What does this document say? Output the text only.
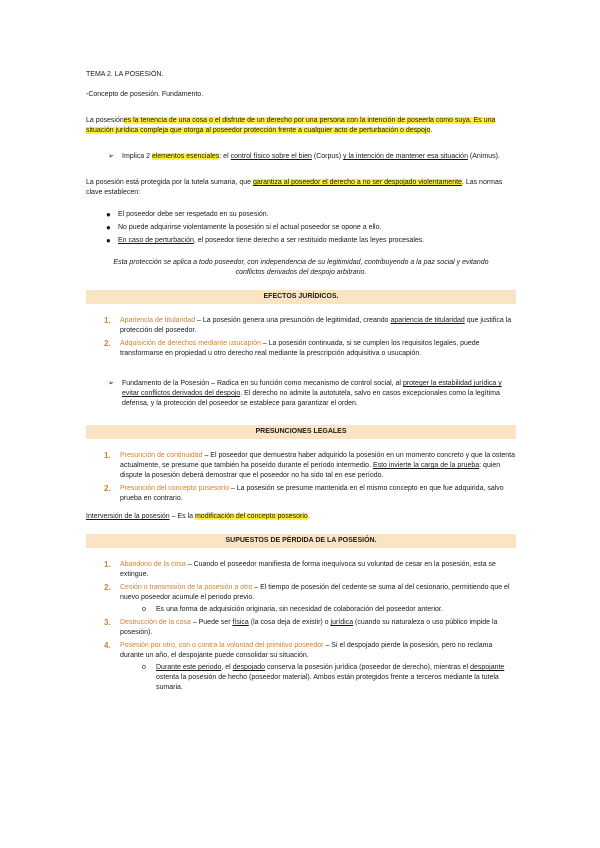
TEMA 2. LA POSESIÓN.

-Concepto de posesión. Fundamento.

La posesiónes la tenencia de una cosa o el disfrute de un derecho por una persona con la intención de poseerla como suya. Es una situación jurídica compleja que otorga al poseedor protección frente a cualquier acto de perturbación o despojo.

➢	Implica 2 elementos esenciales: el control físico sobre el bien (Corpus) y la intención de mantener esa situación (Animus).

La posesión está protegida por la tutela sumaria, que garantiza al poseedor el derecho a no ser despojado violentamente. Las normas clave establecen:

●	El poseedor debe ser respetado en su posesión.
●	No puede adquirirse violentamente la posesión si el actual poseedor se opone a ello.
●	En caso de perturbación, el poseedor tiene derecho a ser restituido mediante las leyes procesales.

Esta protección se aplica a todo poseedor, con independencia de su legitimidad, contribuyendo a la paz social y evitando conflictos derivados del despojo arbitrario.

EFECTOS JURÍDICOS.
1.	Apariencia de titularidad – La posesión genera una presunción de legitimidad, creando apariencia de titularidad que justifica la protección del poseedor.
2.	Adquisición de derechos mediante usucapión – La posesión continuada, si se cumplen los requisitos legales, puede transformarse en propiedad u otro derecho real mediante la prescripción adquisitiva o usucapión.
➢	Fundamento de la Posesión – Radica en su función como mecanismo de control social, al proteger la estabilidad jurídica y evitar conflictos derivados del despojo. El derecho no admite la autotutela, salvo en casos excepcionales como la legítima defensa, y la protección del poseedor se establece para garantizar el orden.

PRESUNCIONES LEGALES
1.	Presunción de continuidad – El poseedor que demuestra haber adquirido la posesión en un momento concreto y que la ostenta actualmente, se presume que también ha poseído durante el período intermedio. Esto invierte la carga de la prueba: quien dispute la posesión deberá demostrar que el poseedor no ha sido tal en ese período.
2.	Presunción del concepto posesorio – La posesión se presume mantenida en el mismo concepto en que fue adquirida, salvo prueba en contrario.

Interversión de la posesión – Es la modificación del concepto posesorio.

SUPUESTOS DE PÉRDIDA DE LA POSESIÓN.
1.	Abandono de la cosa – Cuando el poseedor manifiesta de forma inequívoca su voluntad de cesar en la posesión, esta se extingue.
2.	Cesión o transmisión de la posesión a otro – El tiempo de posesión del cedente se suma al del cesionario, permitiendo que el nuevo poseedor acumule el periodo previo.
o	Es una forma de adquisición originaria, sin necesidad de colaboración del poseedor anterior.
3.	Destrucción de la cosa – Puede ser física (la cosa deja de existir) o jurídica (cuando su naturaleza o uso público impide la posesión).
4.	Posesión por otro, con o contra la voluntad del primitivo poseedor – Si el despojado pierde la posesión, pero no reclama durante un año, el despojante puede consolidar su situación.
o	Durante este periodo, el despojado conserva la posesión jurídica (poseedor de derecho), mientras el despojante ostenta la posesión de hecho (poseedor material). Ambos están protegidos frente a terceros mediante la tutela sumaria.
